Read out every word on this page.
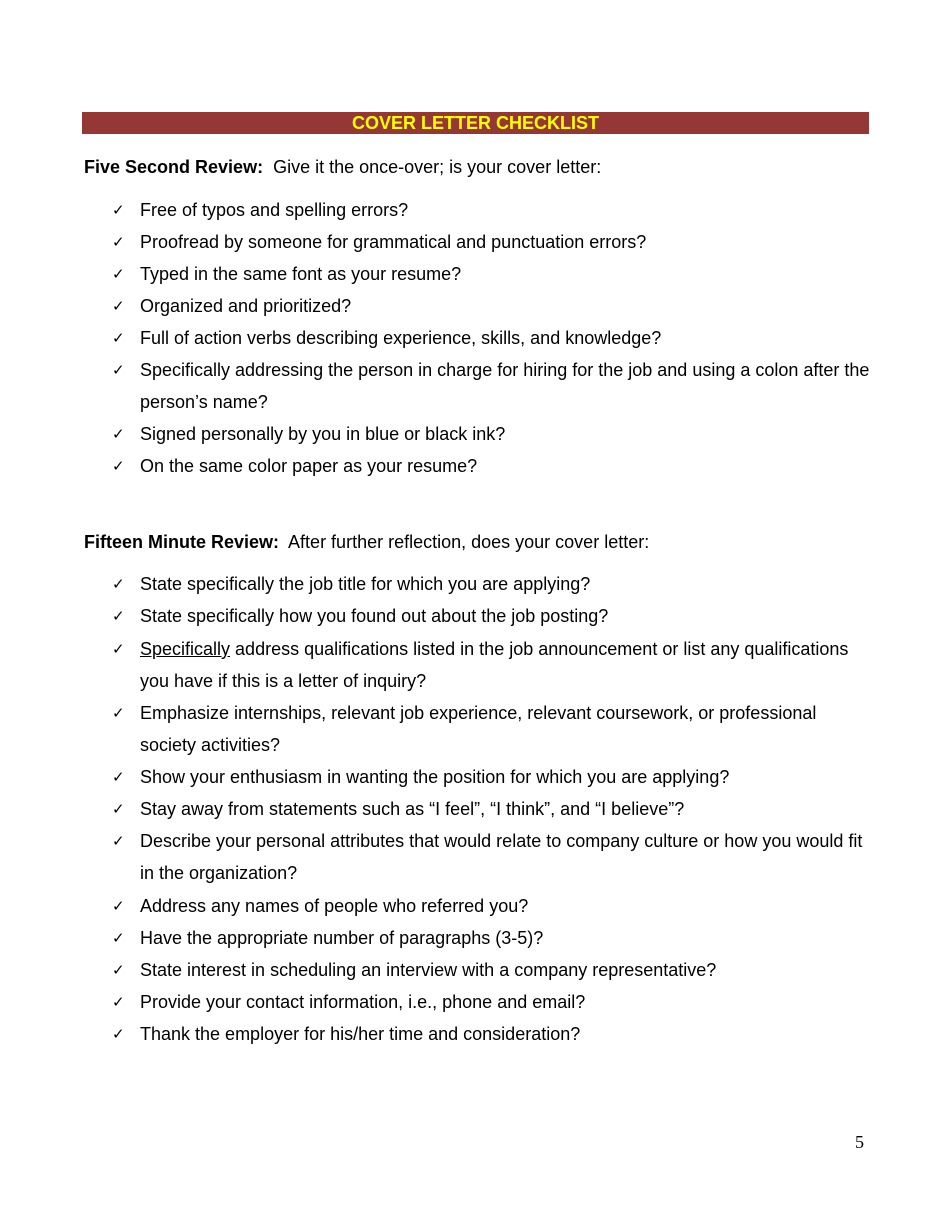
COVER LETTER CHECKLIST
Five Second Review: Give it the once-over; is your cover letter:
✓ Free of typos and spelling errors?
✓ Proofread by someone for grammatical and punctuation errors?
✓ Typed in the same font as your resume?
✓ Organized and prioritized?
✓ Full of action verbs describing experience, skills, and knowledge?
✓ Specifically addressing the person in charge for hiring for the job and using a colon after the person’s name?
✓ Signed personally by you in blue or black ink?
✓ On the same color paper as your resume?
Fifteen Minute Review: After further reflection, does your cover letter:
✓ State specifically the job title for which you are applying?
✓ State specifically how you found out about the job posting?
✓ Specifically address qualifications listed in the job announcement or list any qualifications you have if this is a letter of inquiry?
✓ Emphasize internships, relevant job experience, relevant coursework, or professional society activities?
✓ Show your enthusiasm in wanting the position for which you are applying?
✓ Stay away from statements such as “I feel”, “I think”, and “I believe”?
✓ Describe your personal attributes that would relate to company culture or how you would fit in the organization?
✓ Address any names of people who referred you?
✓ Have the appropriate number of paragraphs (3-5)?
✓ State interest in scheduling an interview with a company representative?
✓ Provide your contact information, i.e., phone and email?
✓ Thank the employer for his/her time and consideration?
5
